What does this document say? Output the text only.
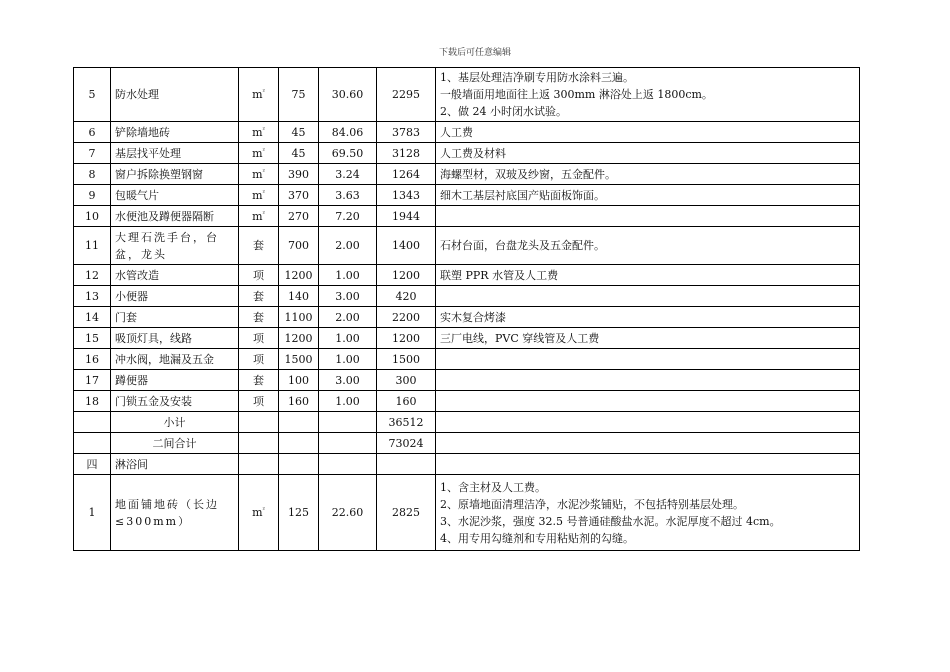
下载后可任意编辑
5	防水处理	$m^{^2}$	75	30.60	2295	1、基层处理洁净刷专用防水涂料三遍。
一般墙面用地面往上返 300mm 淋浴处上返 1800cm。
2、做 24 小时闭水试验。

6	铲除墙地砖	$m^{^2}$	45	84.06	3783	人工费

7	基层找平处理	$m^{^2}$	45	69.50	3128	人工费及材料

8	窗户拆除换塑钢窗	$m^{^2}$	390	3.24	1264	海螺型材，双玻及纱窗，五金配件。

9	包暖气片	$m^{^2}$	370	3.63	1343	细木工基层衬底国产贴面板饰面。

10	水便池及蹲便器隔断	$m^{^2}$	270	7.20	1944	

11	大理石洗手台，台盆，龙头	套	700	2.00	1400	石材台面，台盘龙头及五金配件。

12	水管改造	项	1200	1.00	1200	联塑 PPR 水管及人工费

13	小便器	套	140	3.00	420	

14	门套	套	1100	2.00	2200	实木复合烤漆

15	吸顶灯具，线路	项	1200	1.00	1200	三厂电线，PVC 穿线管及人工费

16	冲水阀，地漏及五金	项	1500	1.00	1500	

17	蹲便器	套	100	3.00	300	

18	门锁五金及安装	项	160	1.00	160	

	小计				36512	
	二间合计				73024	
四	淋浴间					
1	地面铺地砖（长边≤300mm）	$m^{^2}$	125	22.60	2825	1、含主材及人工费。
2、原墙地面清理洁净，水泥沙浆铺贴，不包括特别基层处理。
3、水泥沙浆，强度 32.5 号普通硅酸盐水泥。水泥厚度不超过 4cm。
4、用专用勾缝剂和专用粘贴剂的勾缝。
